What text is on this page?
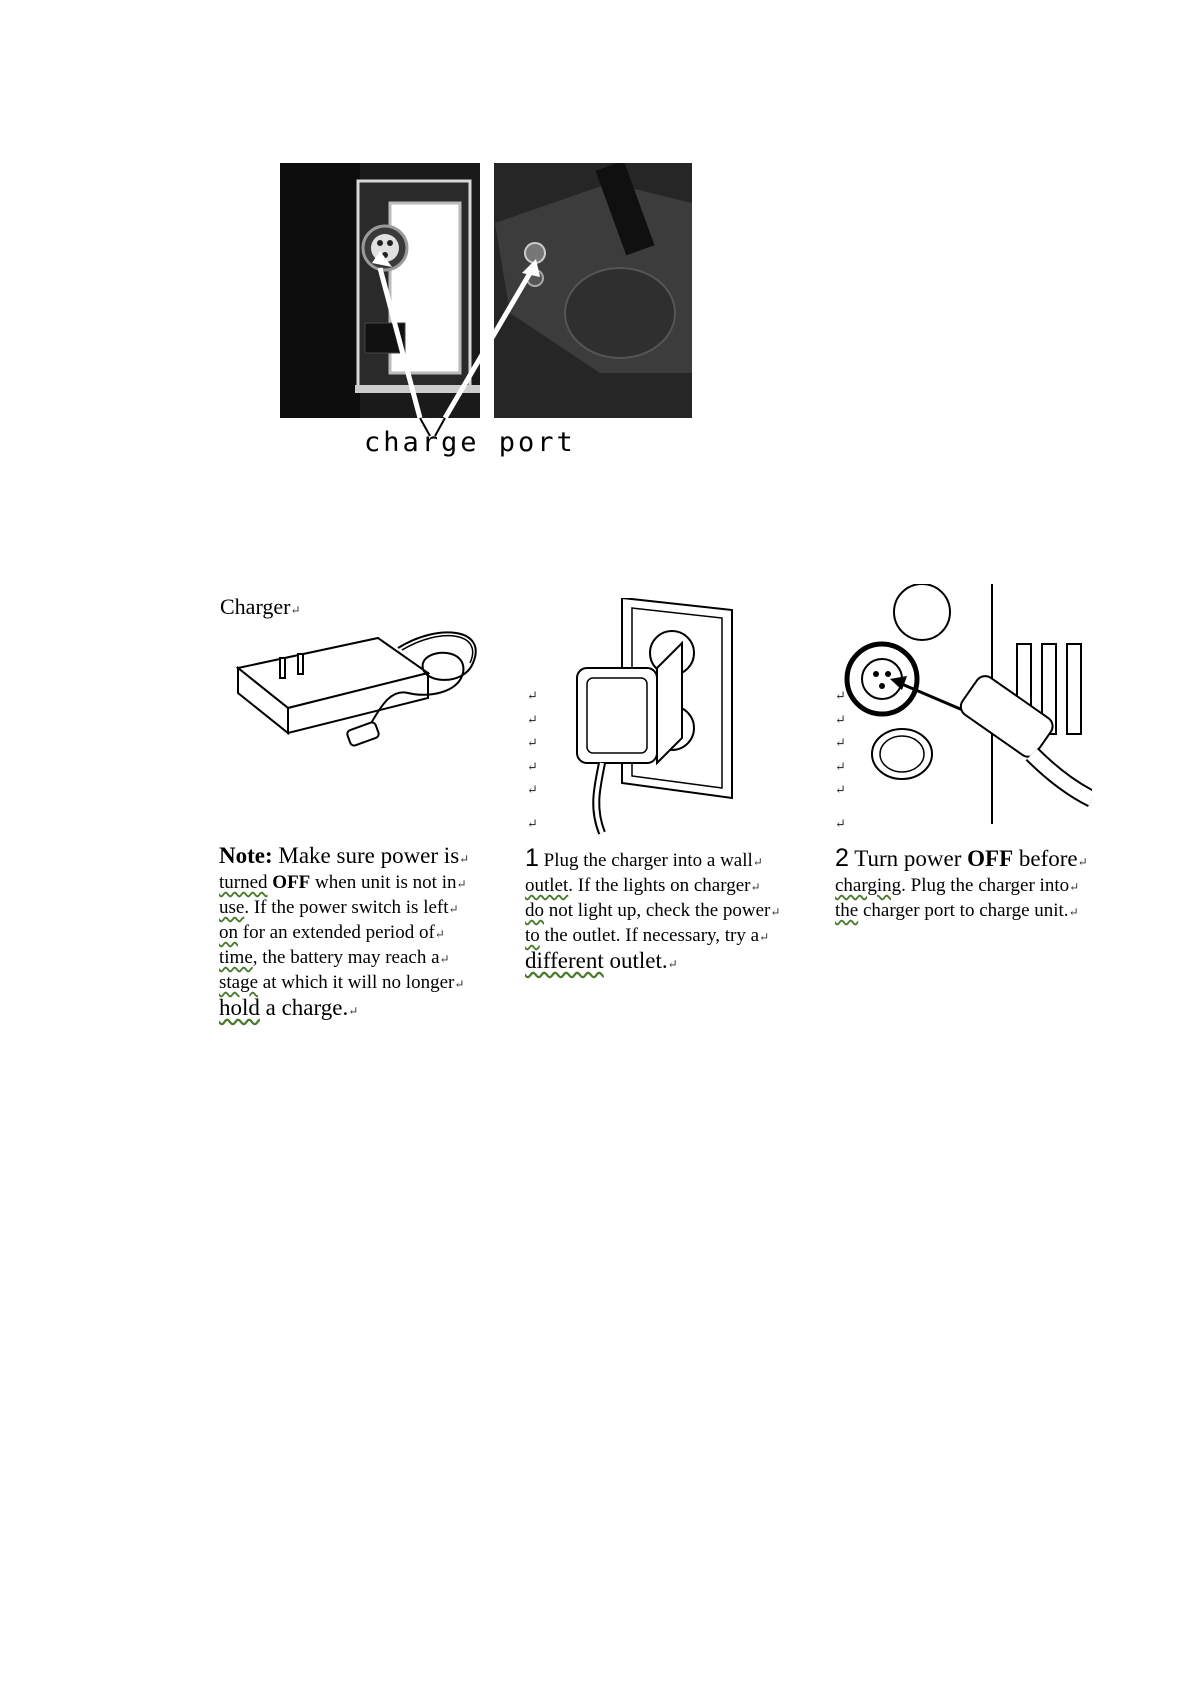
charge port
Charger↵
Note: Make sure power is↵
turned OFF when unit is not in↵
use. If the power switch is left↵
on for an extended period of↵
time, the battery may reach a↵
stage at which it will no longer↵
hold a charge.↵
↵
↵
↵
↵
↵
↵
1 Plug the charger into a wall↵
outlet. If the lights on charger↵
do not light up, check the power↵
to the outlet. If necessary, try a↵
different outlet.↵
↵
↵
↵
↵
↵
↵
2 Turn power OFF before↵
charging. Plug the charger into↵
the charger port to charge unit.↵
